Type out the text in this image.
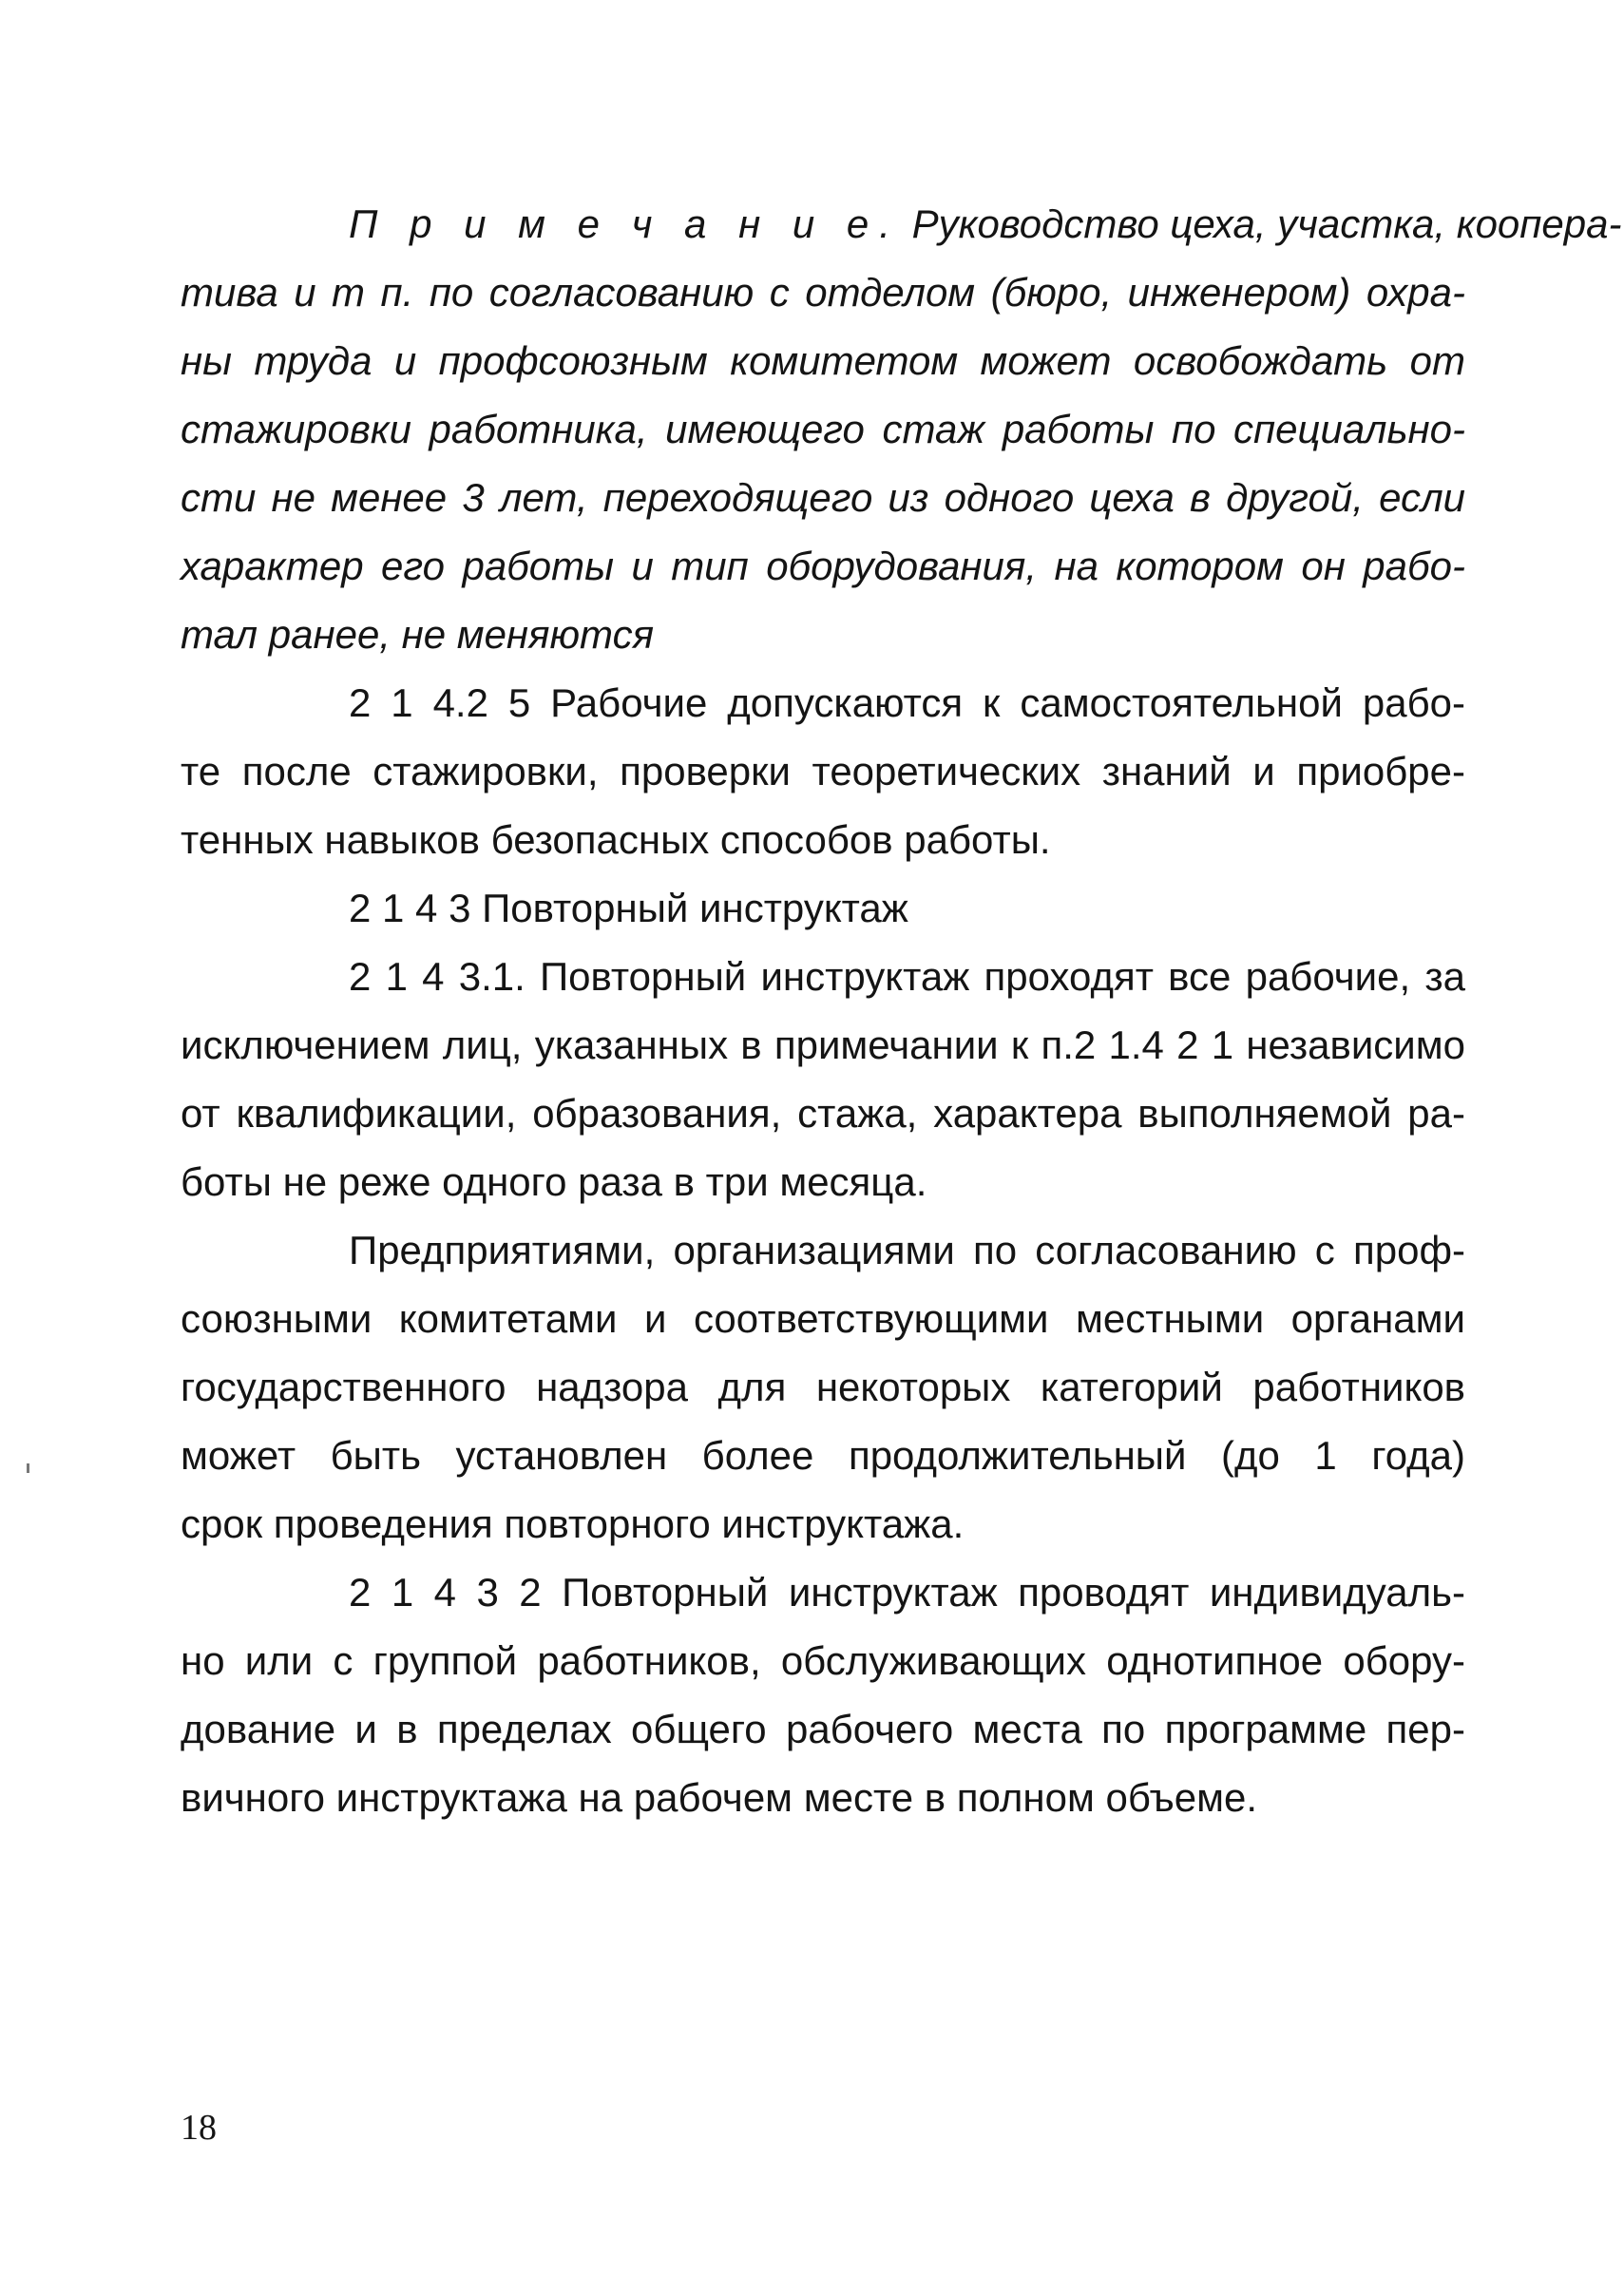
П р и м е ч а н и е. Руководство цеха, участка, коопера-
тива и т п. по согласованию с отделом (бюро, инженером) охра-
ны труда и профсоюзным комитетом может освобождать от
стажировки работника, имеющего стаж работы по специально-
сти не менее 3 лет, переходящего из одного цеха в другой, если
характер его работы и тип оборудования, на котором он рабо-
тал ранее, не меняются
2 1 4.2 5 Рабочие допускаются к самостоятельной рабо-
те после стажировки, проверки теоретических знаний и приобре-
тенных навыков безопасных способов работы.
2 1 4 3 Повторный инструктаж
2 1 4 3.1. Повторный инструктаж проходят все рабочие, за
исключением лиц, указанных в примечании к п.2 1.4 2 1 независимо
от квалификации, образования, стажа, характера выполняемой ра-
боты не реже одного раза в три месяца.
Предприятиями, организациями по согласованию с проф-
союзными комитетами и соответствующими местными органами
государственного надзора для некоторых категорий работников
может быть установлен более продолжительный (до 1 года)
срок проведения повторного инструктажа.
2 1 4 3 2 Повторный инструктаж проводят индивидуаль-
но или с группой работников, обслуживающих однотипное обору-
дование и в пределах общего рабочего места по программе пер-
вичного инструктажа на рабочем месте в полном объеме.
18
